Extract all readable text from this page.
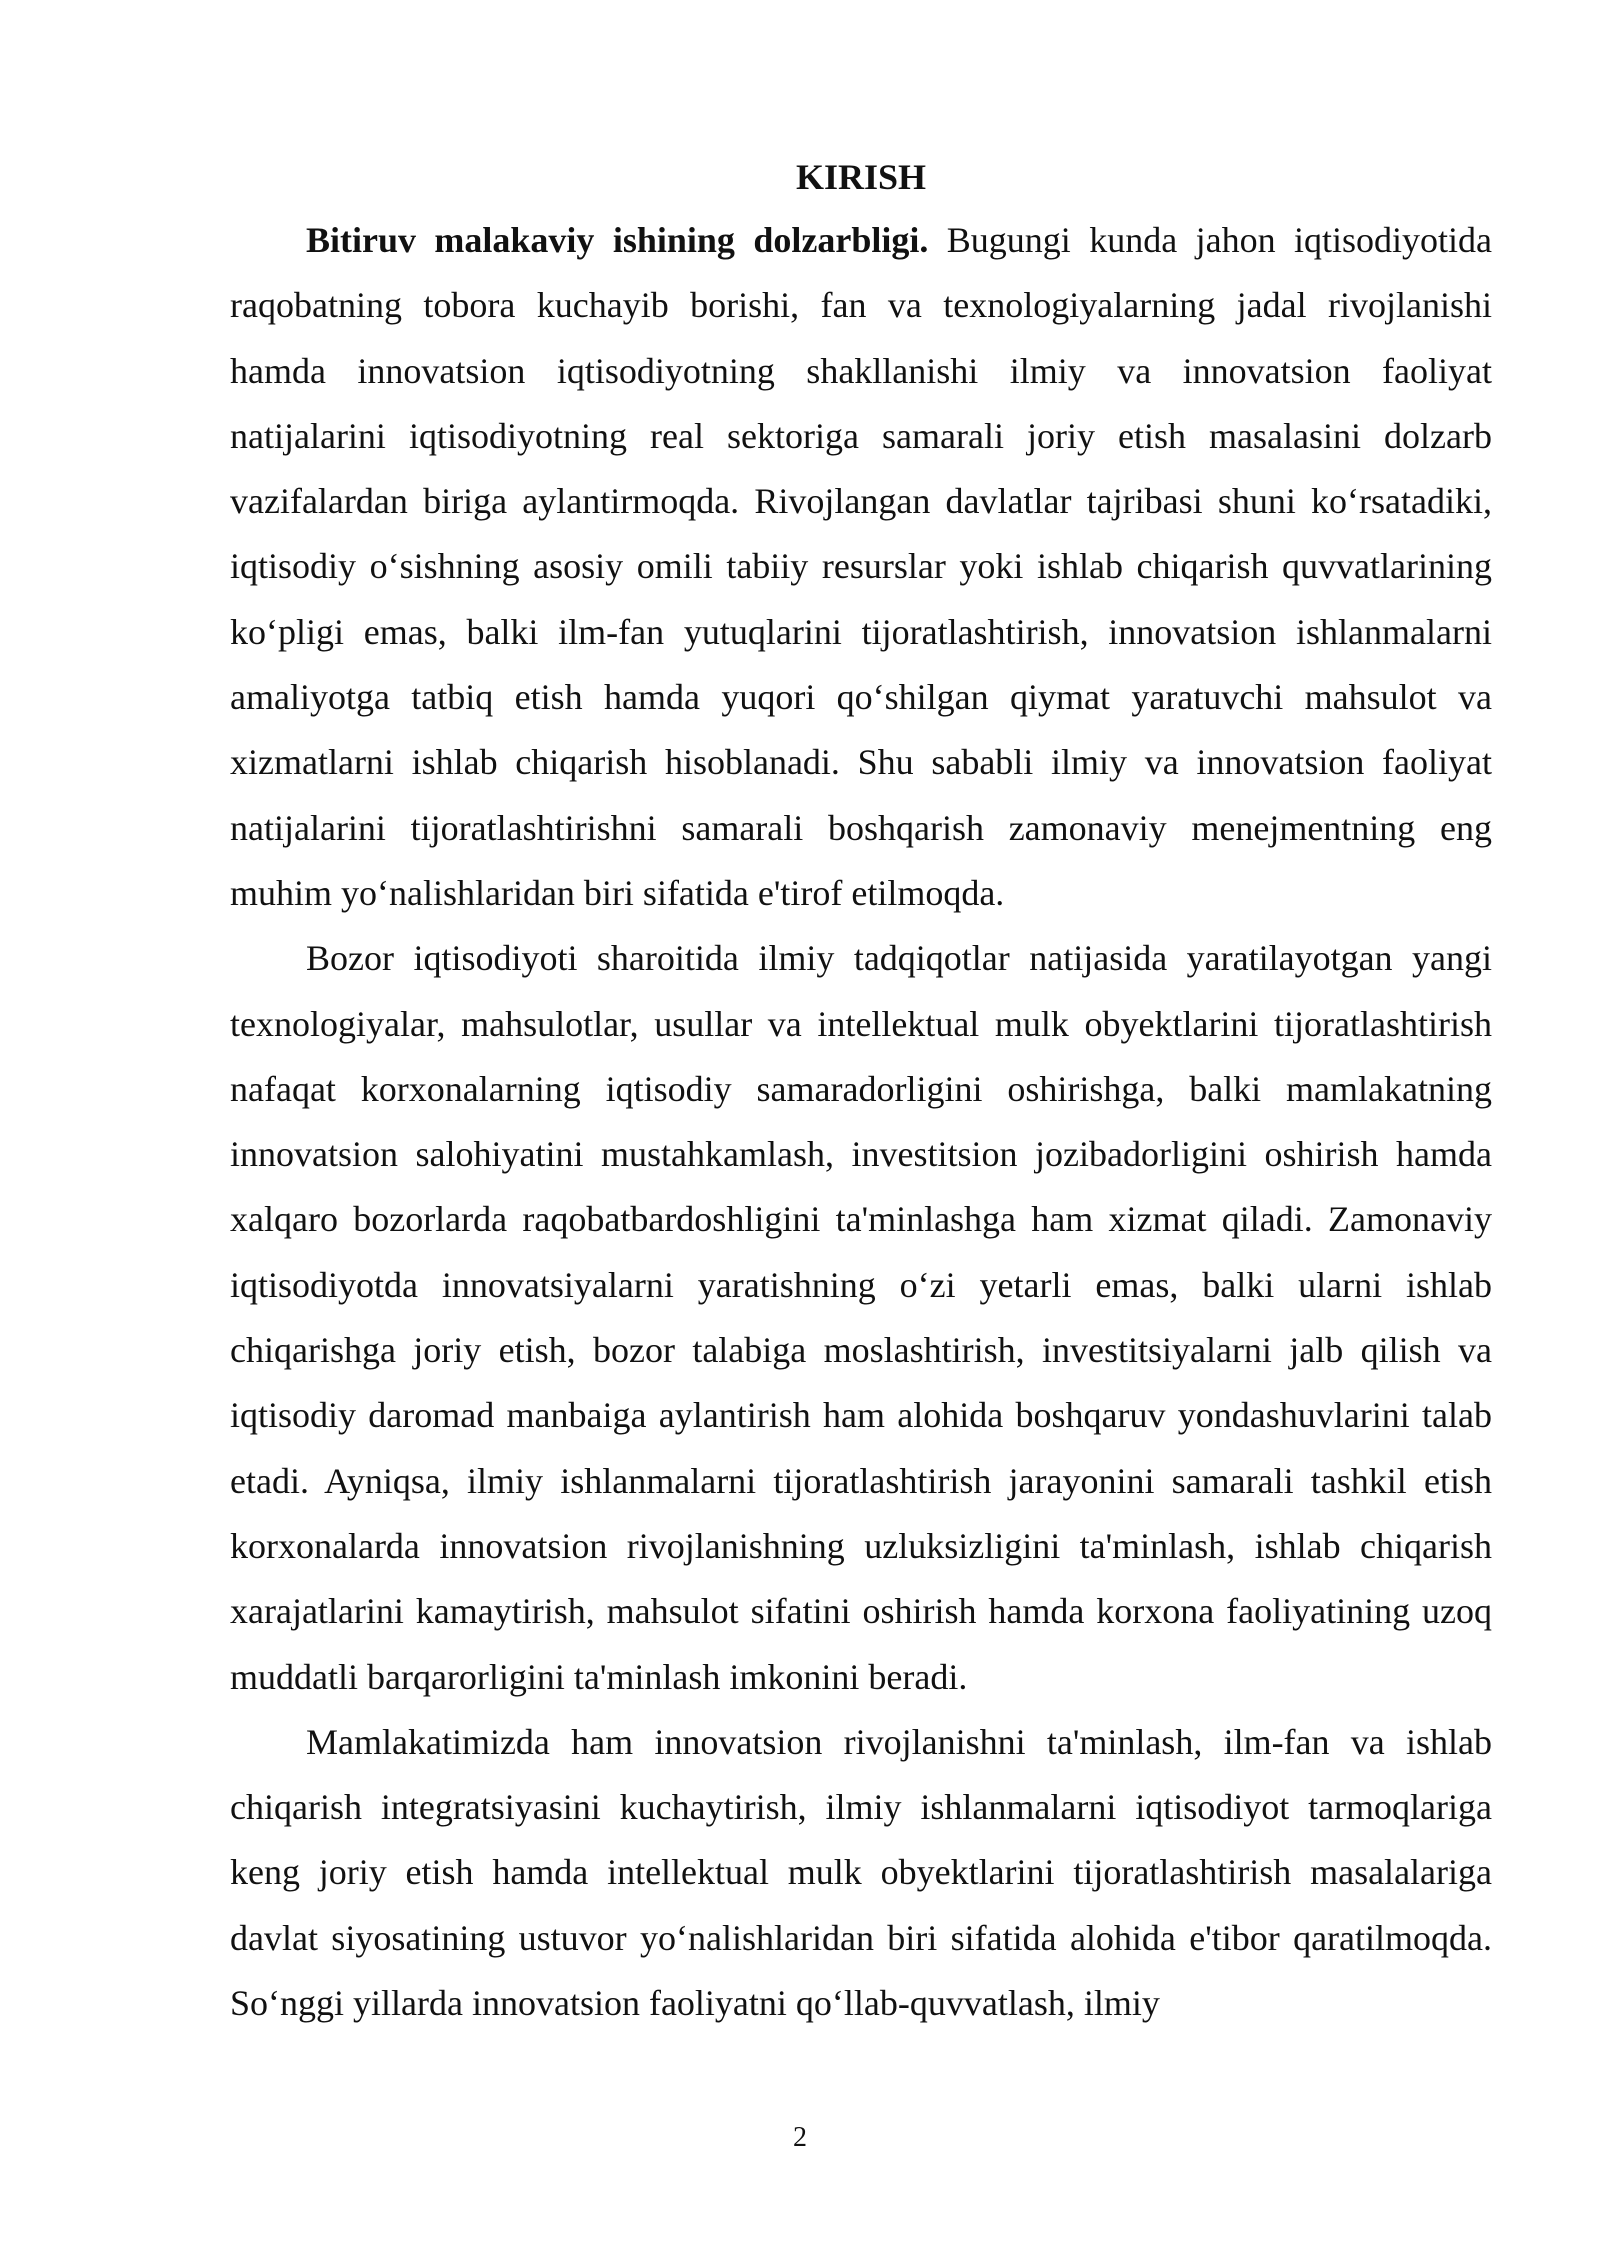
KIRISH

Bitiruv malakaviy ishining dolzarbligi. Bugungi kunda jahon iqtisodiyotida raqobatning tobora kuchayib borishi, fan va texnologiyalarning jadal rivojlanishi hamda innovatsion iqtisodiyotning shakllanishi ilmiy va innovatsion faoliyat natijalarini iqtisodiyotning real sektoriga samarali joriy etish masalasini dolzarb vazifalardan biriga aylantirmoqda. Rivojlangan davlatlar tajribasi shuni ko‘rsatadiki, iqtisodiy o‘sishning asosiy omili tabiiy resurslar yoki ishlab chiqarish quvvatlarining ko‘pligi emas, balki ilm-fan yutuqlarini tijoratlashtirish, innovatsion ishlanmalarni amaliyotga tatbiq etish hamda yuqori qo‘shilgan qiymat yaratuvchi mahsulot va xizmatlarni ishlab chiqarish hisoblanadi. Shu sababli ilmiy va innovatsion faoliyat natijalarini tijoratlashtirishni samarali boshqarish zamonaviy menejmentning eng muhim yo‘nalishlaridan biri sifatida e'tirof etilmoqda.

Bozor iqtisodiyoti sharoitida ilmiy tadqiqotlar natijasida yaratilayotgan yangi texnologiyalar, mahsulotlar, usullar va intellektual mulk obyektlarini tijoratlashtirish nafaqat korxonalarning iqtisodiy samaradorligini oshirishga, balki mamlakatning innovatsion salohiyatini mustahkamlash, investitsion jozibadorligini oshirish hamda xalqaro bozorlarda raqobatbardoshligini ta'minlashga ham xizmat qiladi. Zamonaviy iqtisodiyotda innovatsiyalarni yaratishning o‘zi yetarli emas, balki ularni ishlab chiqarishga joriy etish, bozor talabiga moslashtirish, investitsiyalarni jalb qilish va iqtisodiy daromad manbaiga aylantirish ham alohida boshqaruv yondashuvlarini talab etadi. Ayniqsa, ilmiy ishlanmalarni tijoratlashtirish jarayonini samarali tashkil etish korxonalarda innovatsion rivojlanishning uzluksizligini ta'minlash, ishlab chiqarish xarajatlarini kamaytirish, mahsulot sifatini oshirish hamda korxona faoliyatining uzoq muddatli barqarorligini ta'minlash imkonini beradi.

Mamlakatimizda ham innovatsion rivojlanishni ta'minlash, ilm-fan va ishlab chiqarish integratsiyasini kuchaytirish, ilmiy ishlanmalarni iqtisodiyot tarmoqlariga keng joriy etish hamda intellektual mulk obyektlarini tijoratlashtirish masalalariga davlat siyosatining ustuvor yo‘nalishlaridan biri sifatida alohida e'tibor qaratilmoqda. So‘nggi yillarda innovatsion faoliyatni qo‘llab-quvvatlash, ilmiy

2
